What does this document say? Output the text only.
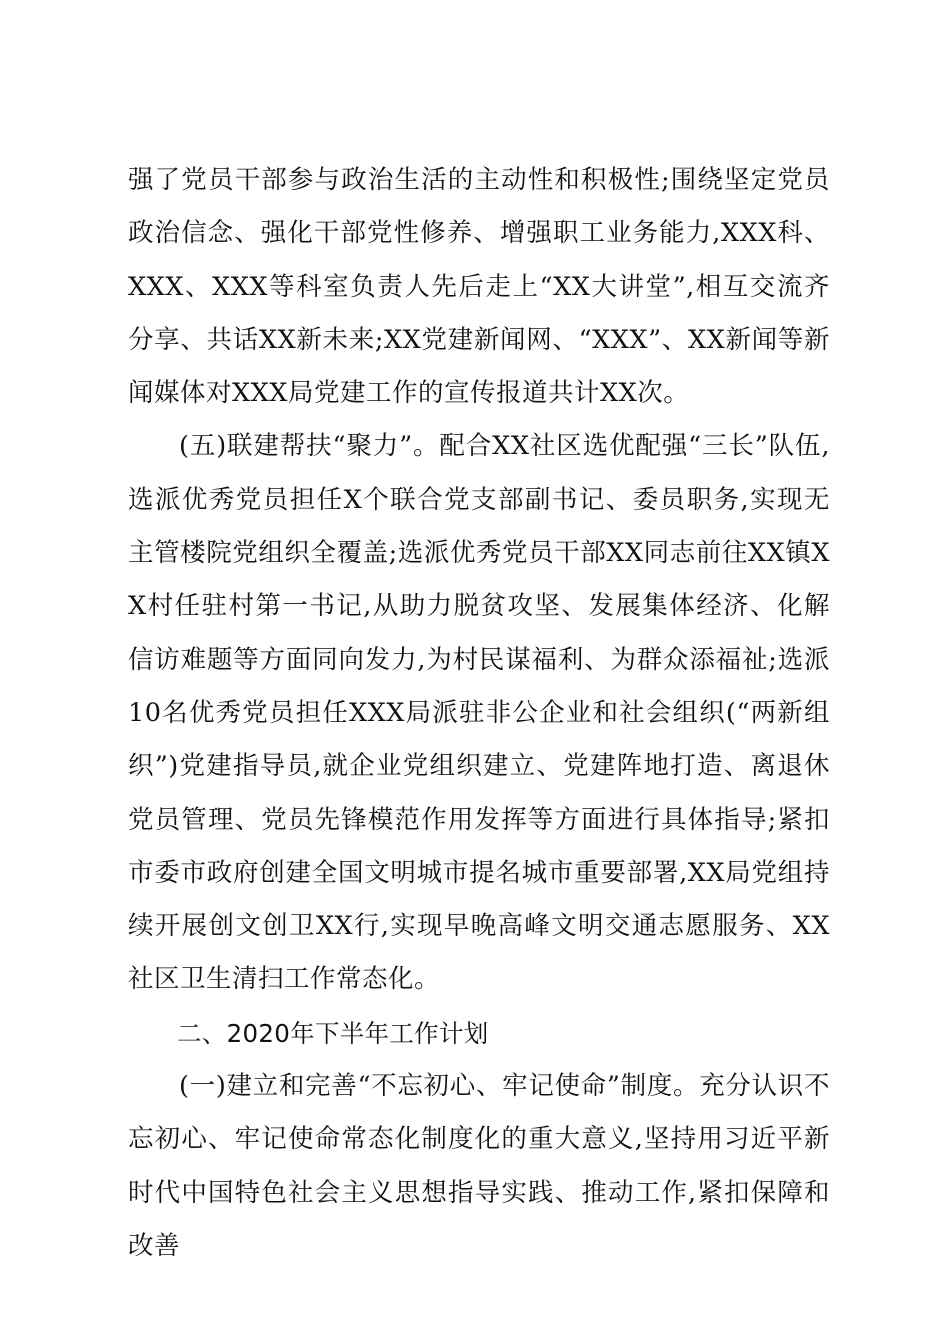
强了党员干部参与政治生活的主动性和积极性;围绕坚定党员政治信念、强化干部党性修养、增强职工业务能力,XXX科、XXX、XXX等科室负责人先后走上“XX大讲堂”,相互交流齐分享、共话XX新未来;XX党建新闻网、“XXX”、XX新闻等新闻媒体对XXX局党建工作的宣传报道共计XX次。

(五)联建帮扶“聚力”。配合XX社区选优配强“三长”队伍,选派优秀党员担任X个联合党支部副书记、委员职务,实现无主管楼院党组织全覆盖;选派优秀党员干部XX同志前往XX镇XX村任驻村第一书记,从助力脱贫攻坚、发展集体经济、化解信访难题等方面同向发力,为村民谋福利、为群众添福祉;选派10名优秀党员担任XXX局派驻非公企业和社会组织(“两新组织”)党建指导员,就企业党组织建立、党建阵地打造、离退休党员管理、党员先锋模范作用发挥等方面进行具体指导;紧扣市委市政府创建全国文明城市提名城市重要部署,XX局党组持续开展创文创卫XX行,实现早晚高峰文明交通志愿服务、XX社区卫生清扫工作常态化。

二、2020年下半年工作计划

(一)建立和完善“不忘初心、牢记使命”制度。充分认识不忘初心、牢记使命常态化制度化的重大意义,坚持用习近平新时代中国特色社会主义思想指导实践、推动工作,紧扣保障和改善
